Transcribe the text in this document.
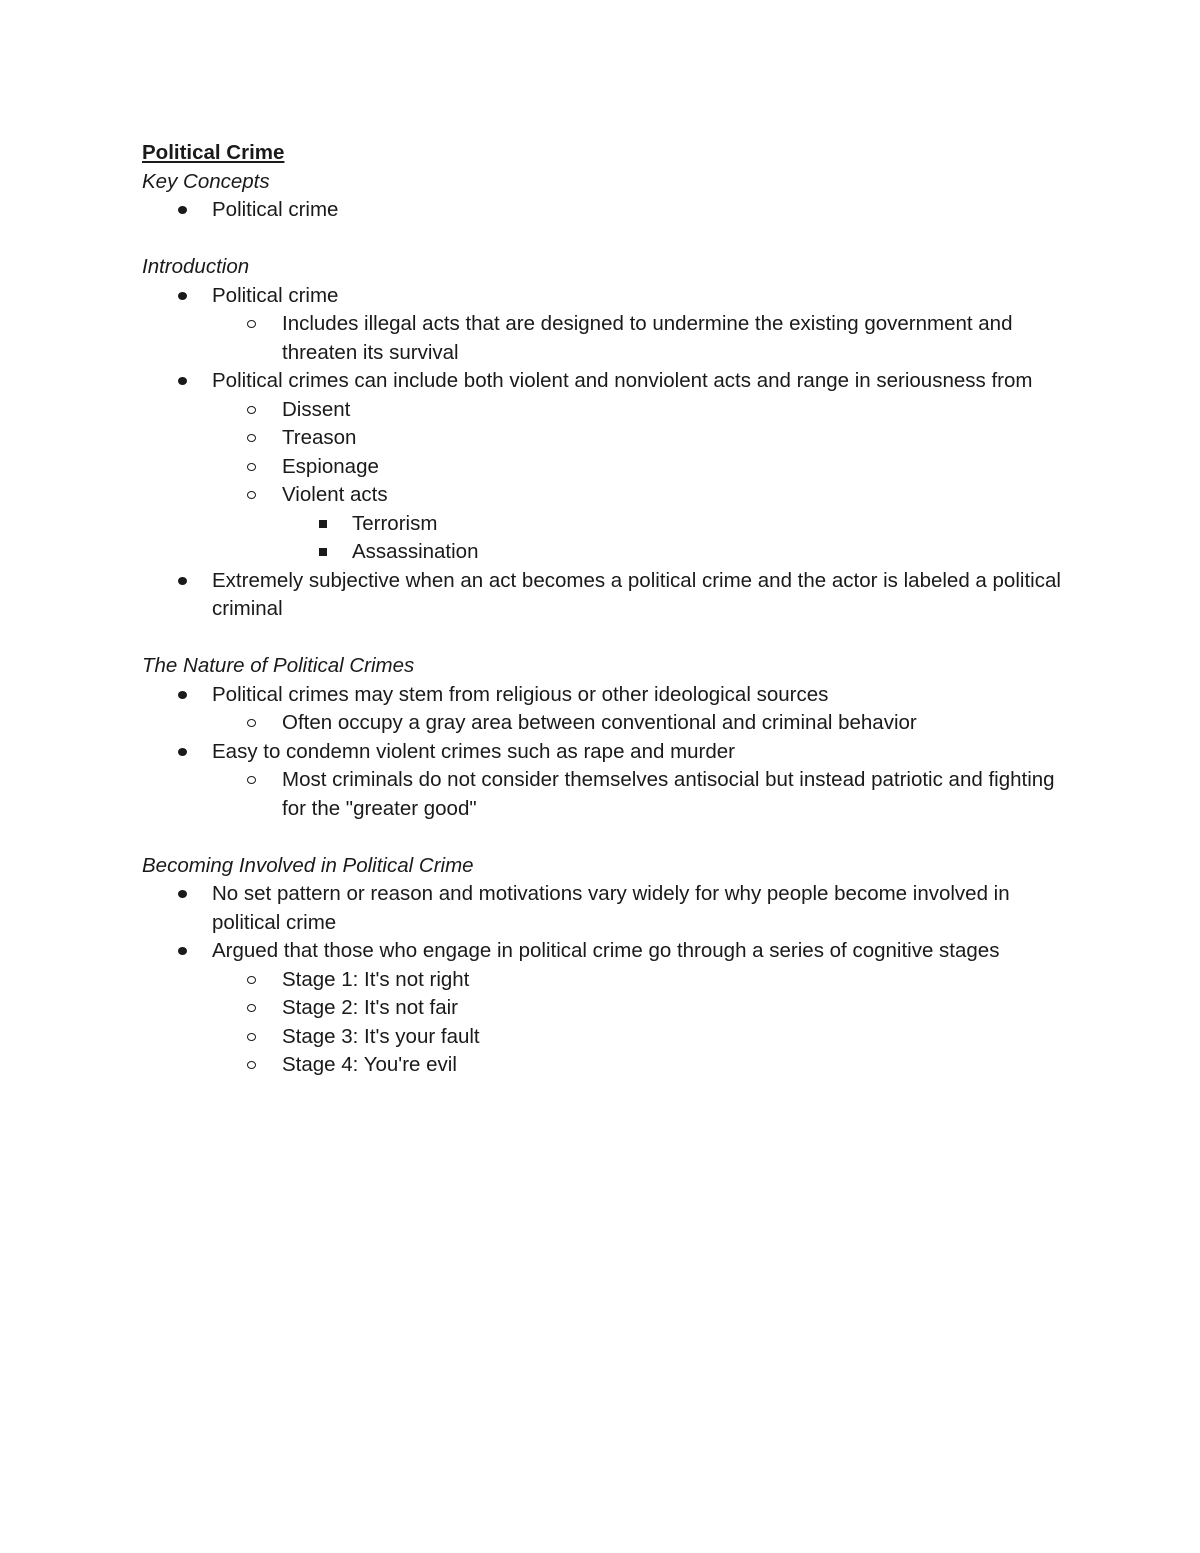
Political Crime

Key Concepts

Political crime

Introduction

Political crime
Includes illegal acts that are designed to undermine the existing government and threaten its survival
Political crimes can include both violent and nonviolent acts and range in seriousness from
Dissent
Treason
Espionage
Violent acts
Terrorism
Assassination
Extremely subjective when an act becomes a political crime and the actor is labeled a political criminal

The Nature of Political Crimes

Political crimes may stem from religious or other ideological sources
Often occupy a gray area between conventional and criminal behavior
Easy to condemn violent crimes such as rape and murder
Most criminals do not consider themselves antisocial but instead patriotic and fighting for the "greater good"

Becoming Involved in Political Crime

No set pattern or reason and motivations vary widely for why people become involved in political crime
Argued that those who engage in political crime go through a series of cognitive stages
Stage 1: It's not right
Stage 2: It's not fair
Stage 3: It's your fault
Stage 4: You're evil
